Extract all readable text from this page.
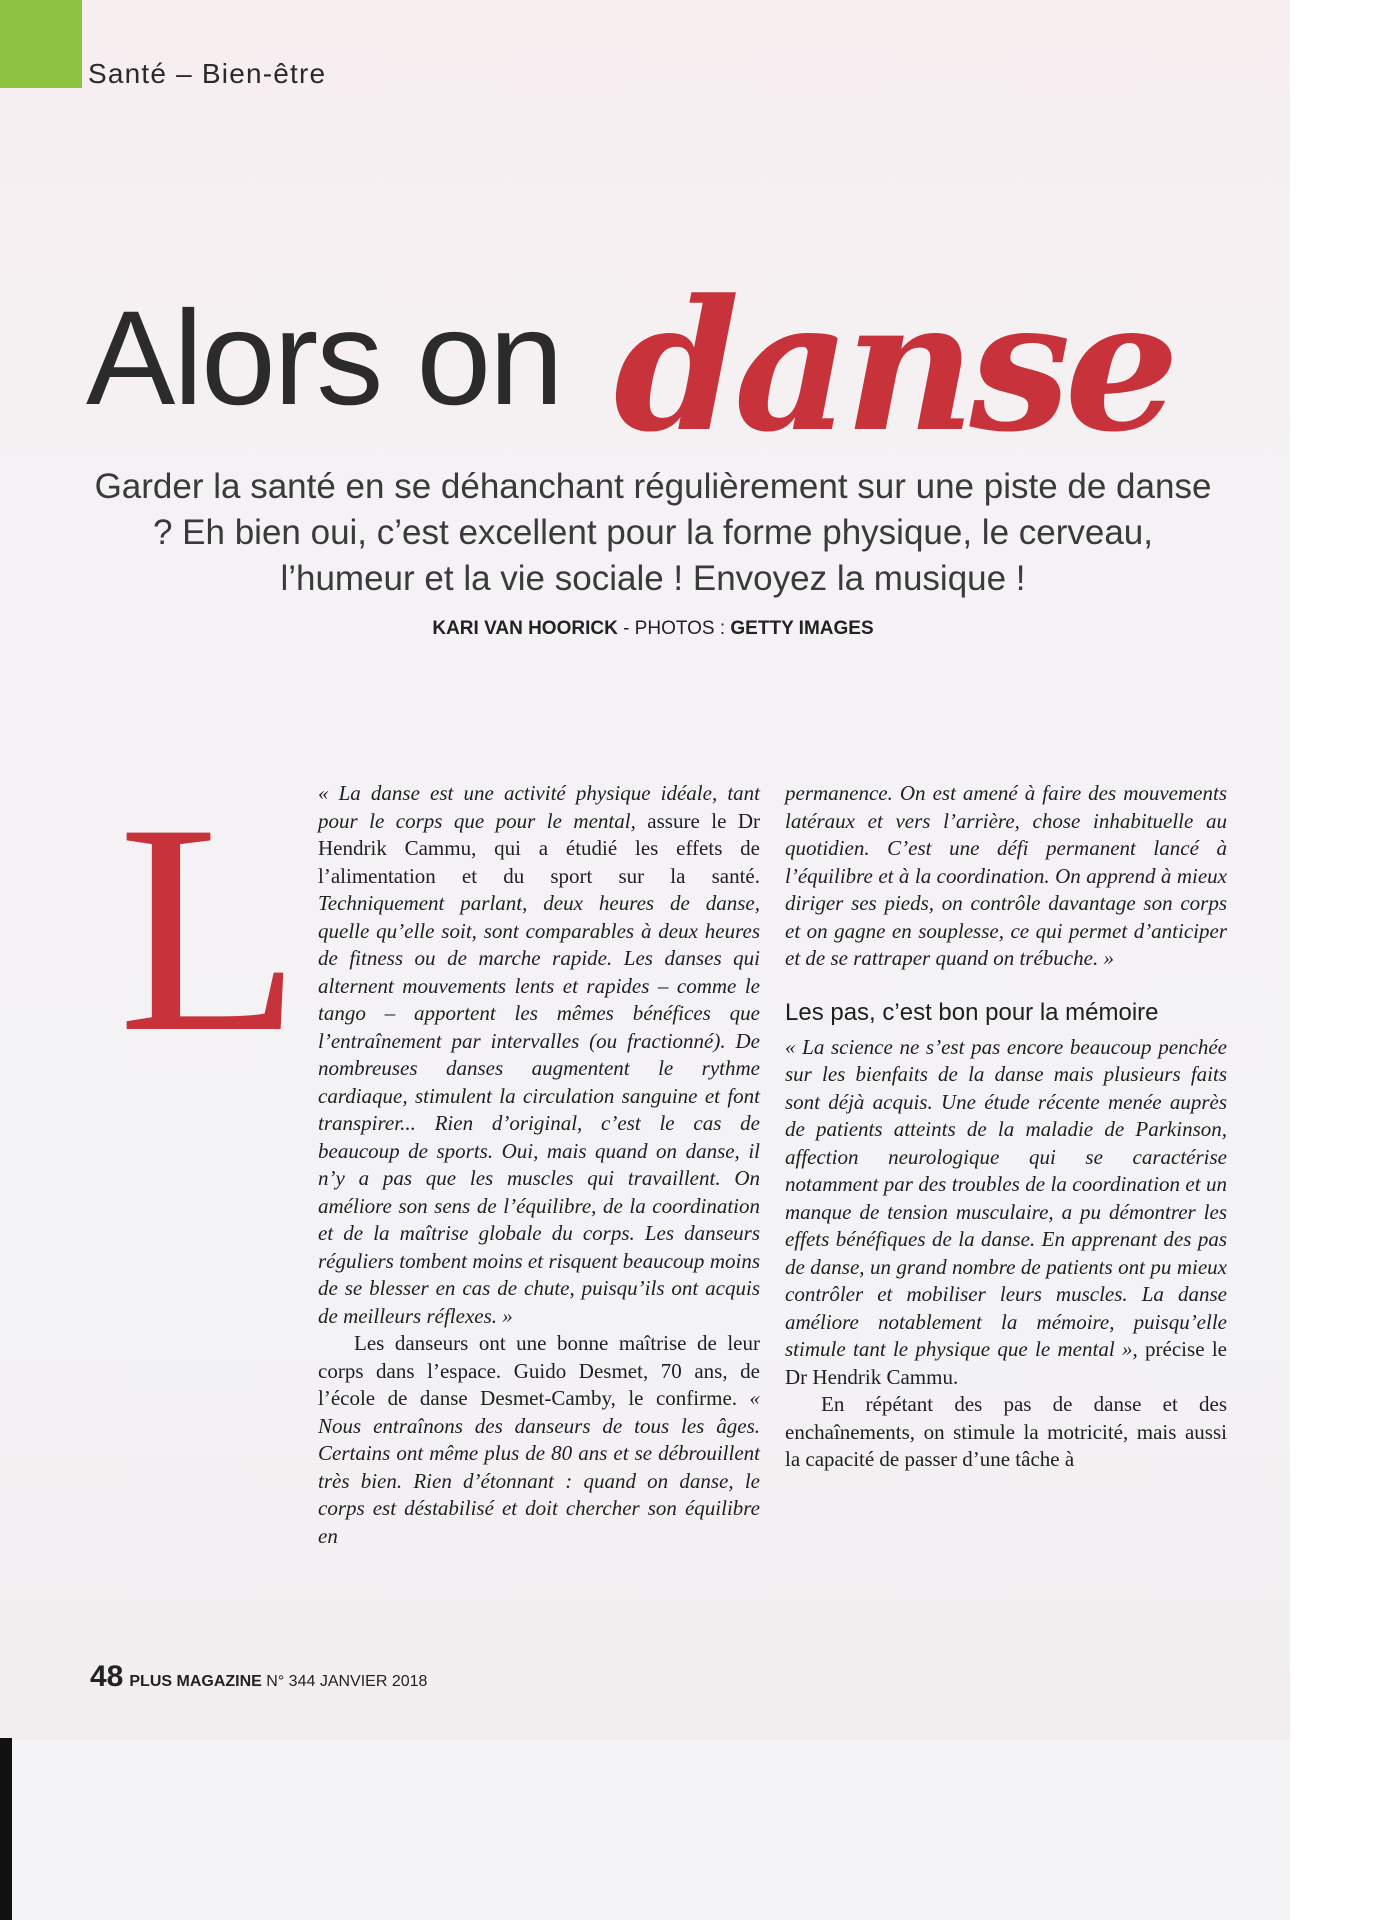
Santé – Bien-être
Alors on danse
Garder la santé en se déhanchant régulièrement sur une piste de danse ? Eh bien oui, c’est excellent pour la forme physique, le cerveau, l’humeur et la vie sociale ! Envoyez la musique !
KARI VAN HOORICK - PHOTOS : GETTY IMAGES
L « La danse est une activité physique idéale, tant pour le corps que pour le mental, assure le Dr Hendrik Cammu, qui a étudié les effets de l’alimentation et du sport sur la santé. Techniquement parlant, deux heures de danse, quelle qu’elle soit, sont comparables à deux heures de fitness ou de marche rapide. Les danses qui alternent mouvements lents et rapides – comme le tango – apportent les mêmes bénéfices que l’entraînement par intervalles (ou fractionné). De nombreuses danses augmentent le rythme cardiaque, stimulent la circulation sanguine et font transpirer... Rien d’original, c’est le cas de beaucoup de sports. Oui, mais quand on danse, il n’y a pas que les muscles qui travaillent. On améliore son sens de l’équilibre, de la coordination et de la maîtrise globale du corps. Les danseurs réguliers tombent moins et risquent beaucoup moins de se blesser en cas de chute, puisqu’ils ont acquis de meilleurs réflexes. »

Les danseurs ont une bonne maîtrise de leur corps dans l’espace. Guido Desmet, 70 ans, de l’école de danse Desmet-Camby, le confirme. « Nous entraînons des danseurs de tous les âges. Certains ont même plus de 80 ans et se débrouillent très bien. Rien d’étonnant : quand on danse, le corps est déstabilisé et doit chercher son équilibre en

permanence. On est amené à faire des mouvements latéraux et vers l’arrière, chose inhabituelle au quotidien. C’est une défi permanent lancé à l’équilibre et à la coordination. On apprend à mieux diriger ses pieds, on contrôle davantage son corps et on gagne en souplesse, ce qui permet d’anticiper et de se rattraper quand on trébuche. »

Les pas, c’est bon pour la mémoire

« La science ne s’est pas encore beaucoup penchée sur les bienfaits de la danse mais plusieurs faits sont déjà acquis. Une étude récente menée auprès de patients atteints de la maladie de Parkinson, affection neurologique qui se caractérise notamment par des troubles de la coordination et un manque de tension musculaire, a pu démontrer les effets bénéfiques de la danse. En apprenant des pas de danse, un grand nombre de patients ont pu mieux contrôler et mobiliser leurs muscles. La danse améliore notablement la mémoire, puisqu’elle stimule tant le physique que le mental », précise le Dr Hendrik Cammu.

En répétant des pas de danse et des enchaînements, on stimule la motricité, mais aussi la capacité de passer d’une tâche à

48 PLUS MAGAZINE N° 344 JANVIER 2018
